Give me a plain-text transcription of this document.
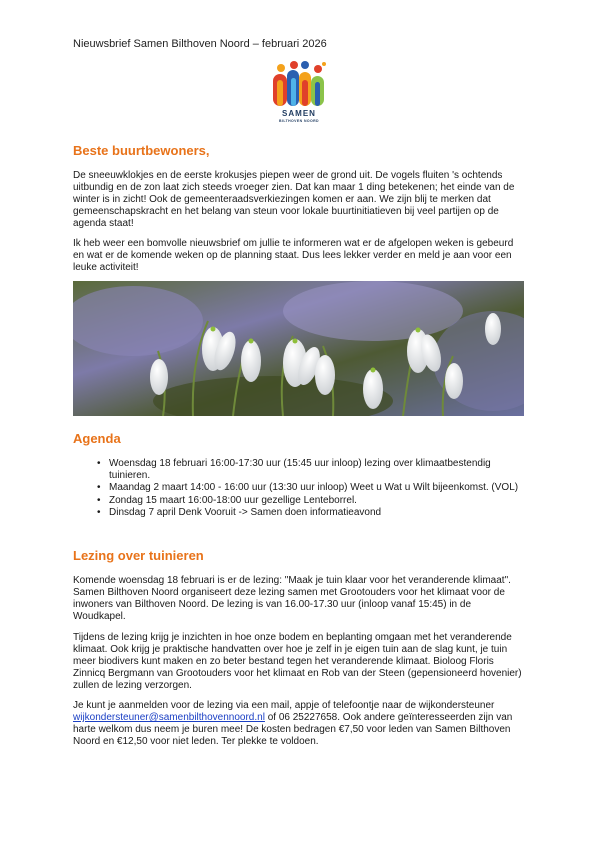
Nieuwsbrief Samen Bilthoven Noord – februari 2026
SAMEN
BILTHOVEN NOORD
Beste buurtbewoners,

De sneeuwklokjes en de eerste krokusjes piepen weer de grond uit. De vogels fluiten 's ochtends uitbundig en de zon laat zich steeds vroeger zien. Dat kan maar 1 ding betekenen; het einde van de winter is in zicht! Ook de gemeenteraadsverkiezingen komen er aan. We zijn blij te merken dat gemeenschapskracht en het belang van steun voor lokale buurtinitiatieven bij veel partijen op de agenda staat!

Ik heb weer een bomvolle nieuwsbrief om jullie te informeren wat er de afgelopen weken is gebeurd en wat er de komende weken op de planning staat. Dus lees lekker verder en meld je aan voor een leuke activiteit!

Agenda
• Woensdag 18 februari 16:00-17:30 uur (15:45 uur inloop) lezing over klimaatbestendig tuinieren.
• Maandag 2 maart 14:00 - 16:00 uur (13:30 uur inloop) Weet u Wat u Wilt bijeenkomst. (VOL)
• Zondag 15 maart 16:00-18:00 uur gezellige Lenteborrel.
• Dinsdag 7 april Denk Vooruit -> Samen doen informatieavond
Lezing over tuinieren

Komende woensdag 18 februari is er de lezing: "Maak je tuin klaar voor het veranderende klimaat". Samen Bilthoven Noord organiseert deze lezing samen met Grootouders voor het klimaat voor de inwoners van Bilthoven Noord. De lezing is van 16.00-17.30 uur (inloop vanaf 15:45) in de Woudkapel.

Tijdens de lezing krijg je inzichten in hoe onze bodem en beplanting omgaan met het veranderende klimaat. Ook krijg je praktische handvatten over hoe je zelf in je eigen tuin aan de slag kunt, je tuin meer biodivers kunt maken en zo beter bestand tegen het veranderende klimaat. Bioloog Floris Zinnicq Bergmann van Grootouders voor het klimaat en Rob van der Steen (gepensioneerd hovenier) zullen de lezing verzorgen.

Je kunt je aanmelden voor de lezing via een mail, appje of telefoontje naar de wijkondersteuner wijkondersteuner@samenbilthovennoord.nl of 06 25227658. Ook andere geïnteresseerden zijn van harte welkom dus neem je buren mee! De kosten bedragen €7,50 voor leden van Samen Bilthoven Noord en €12,50 voor niet leden. Ter plekke te voldoen.
